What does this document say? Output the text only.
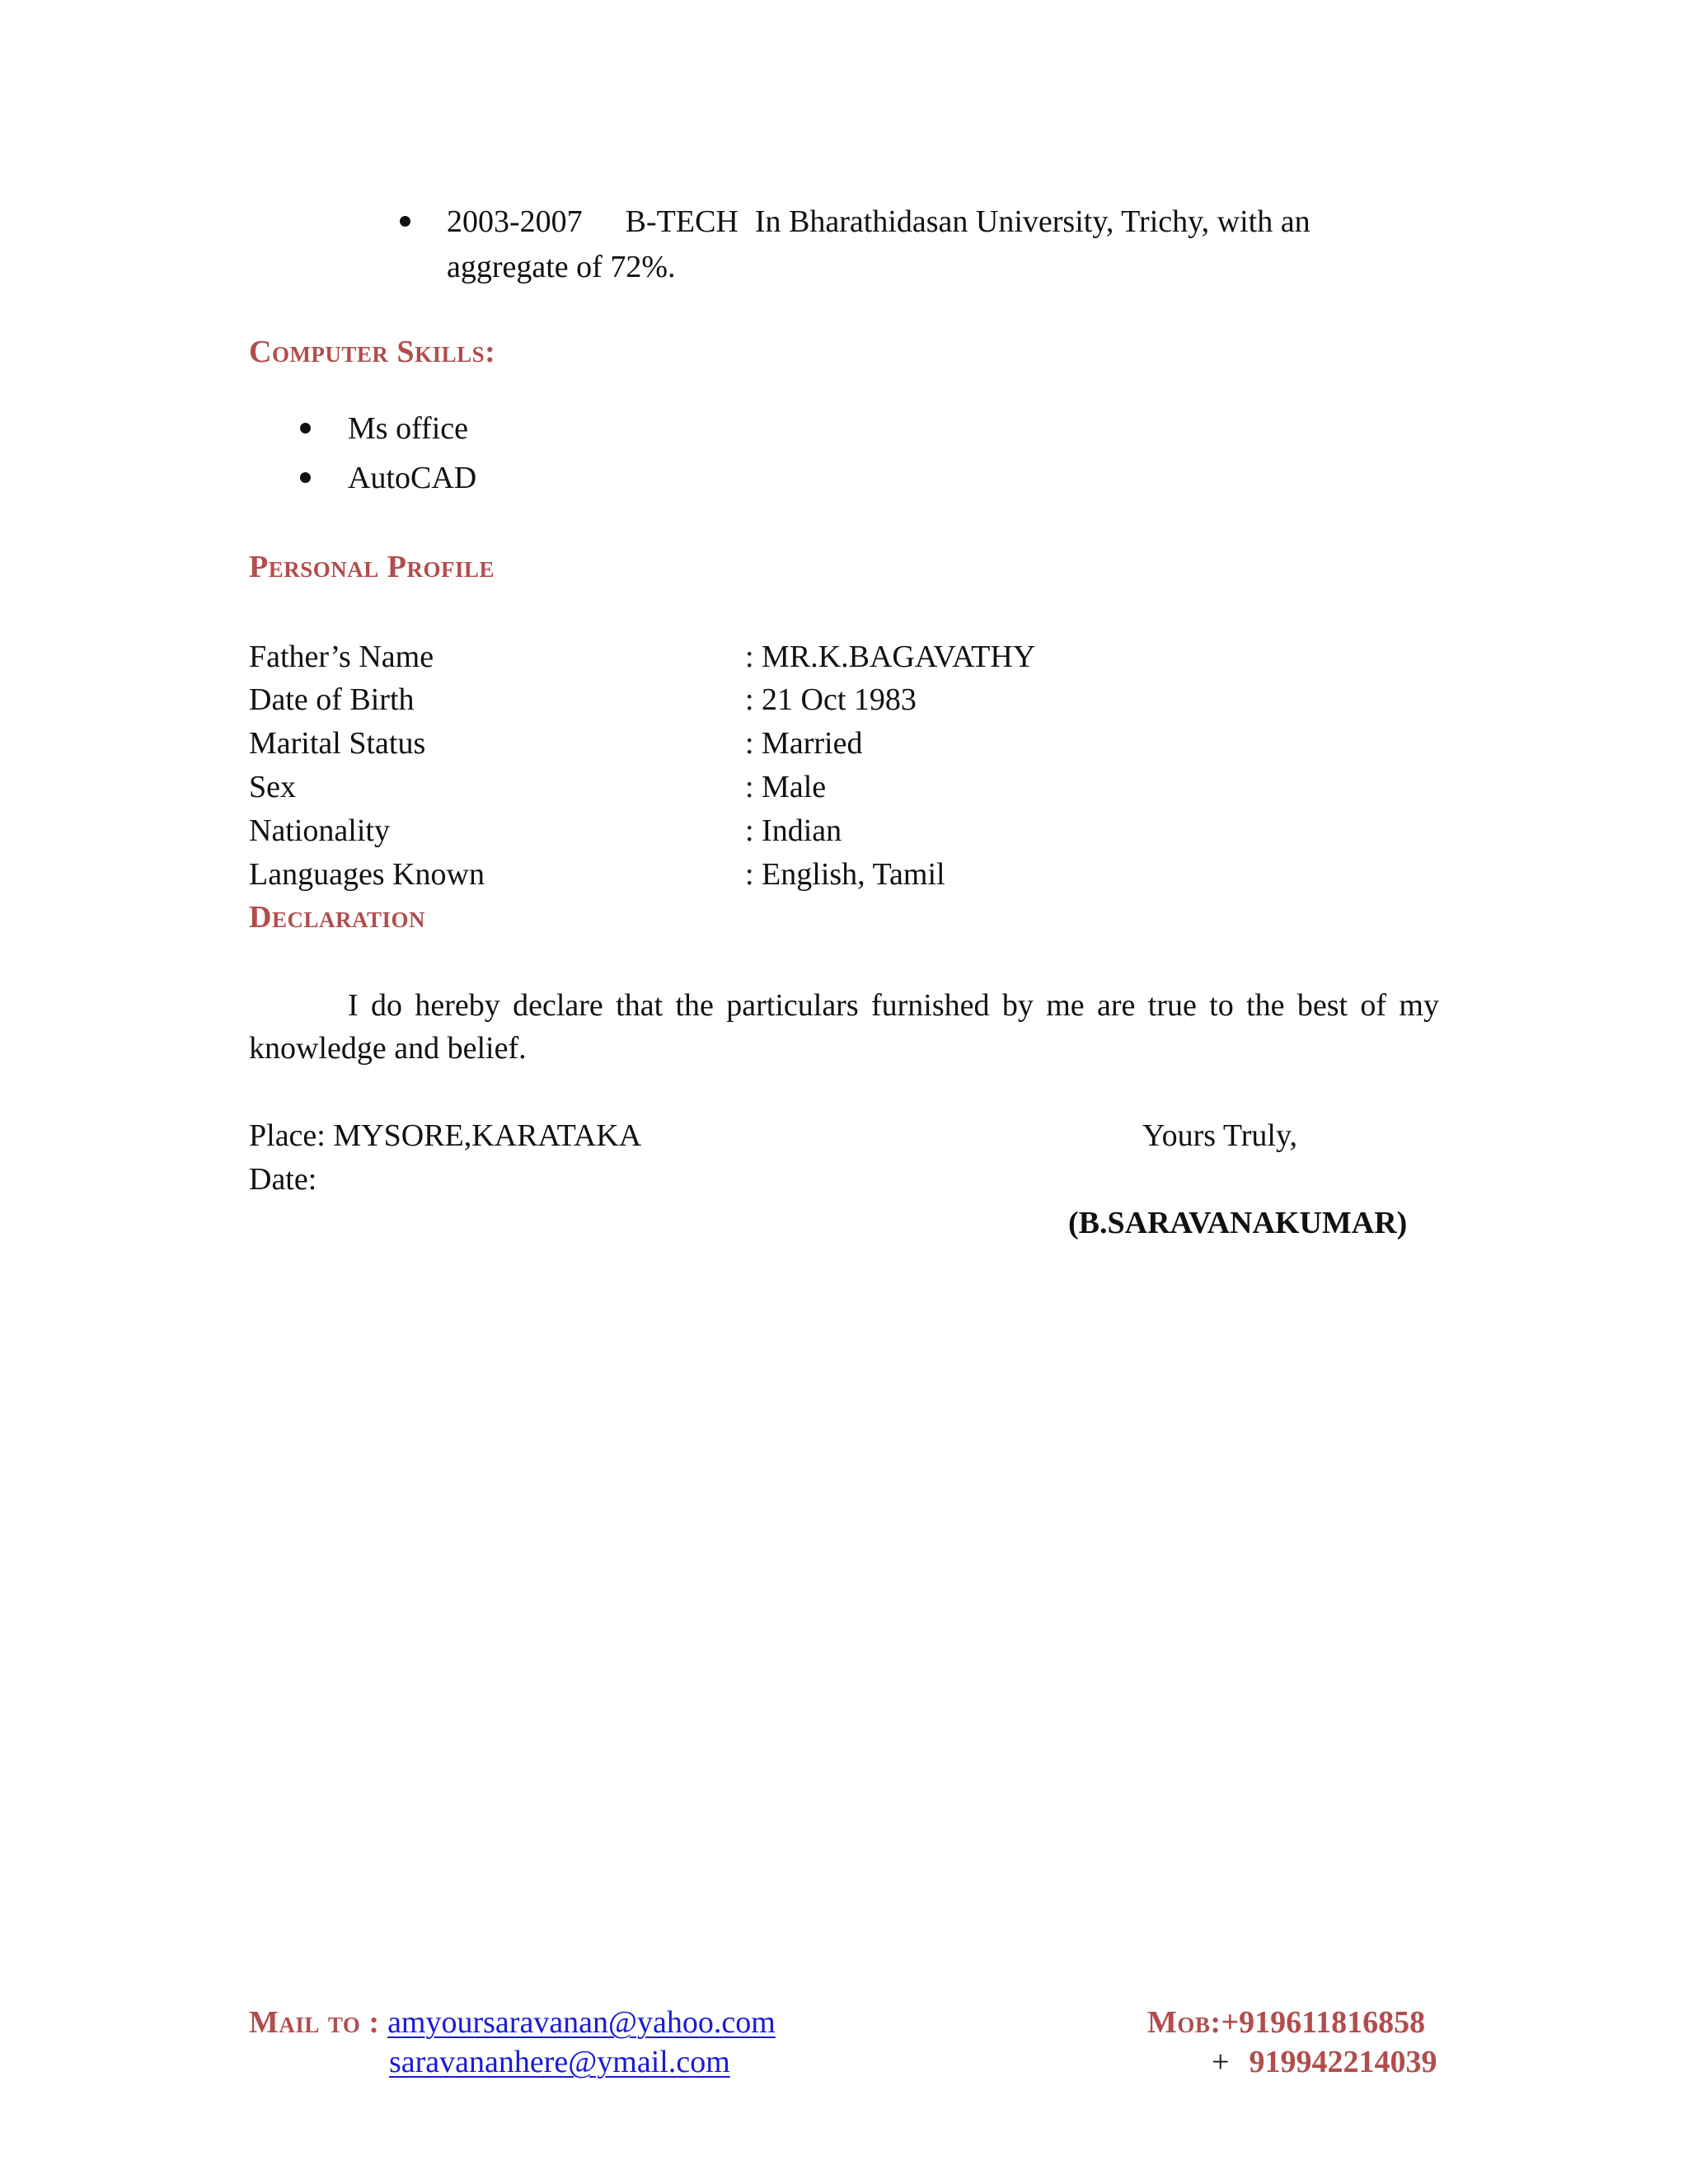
2003-2007 B-TECH In Bharathidasan University, Trichy, with an
aggregate of 72%.
Computer Skills:
Ms office
AutoCAD
Personal Profile
Father’s Name	: MR.K.BAGAVATHY
Date of Birth	: 21 Oct 1983
Marital Status	: Married
Sex	: Male
Nationality	: Indian
Languages Known	: English, Tamil
Declaration
I do hereby declare that the particulars furnished by me are true to the best of my
knowledge and belief.
Place: MYSORE,KARATAKA	Yours Truly,
Date:
(B.SARAVANAKUMAR)
Mail to : amyoursaravanan@yahoo.com
saravananhere@ymail.com
Mob:+919611816858
+ 919942214039
